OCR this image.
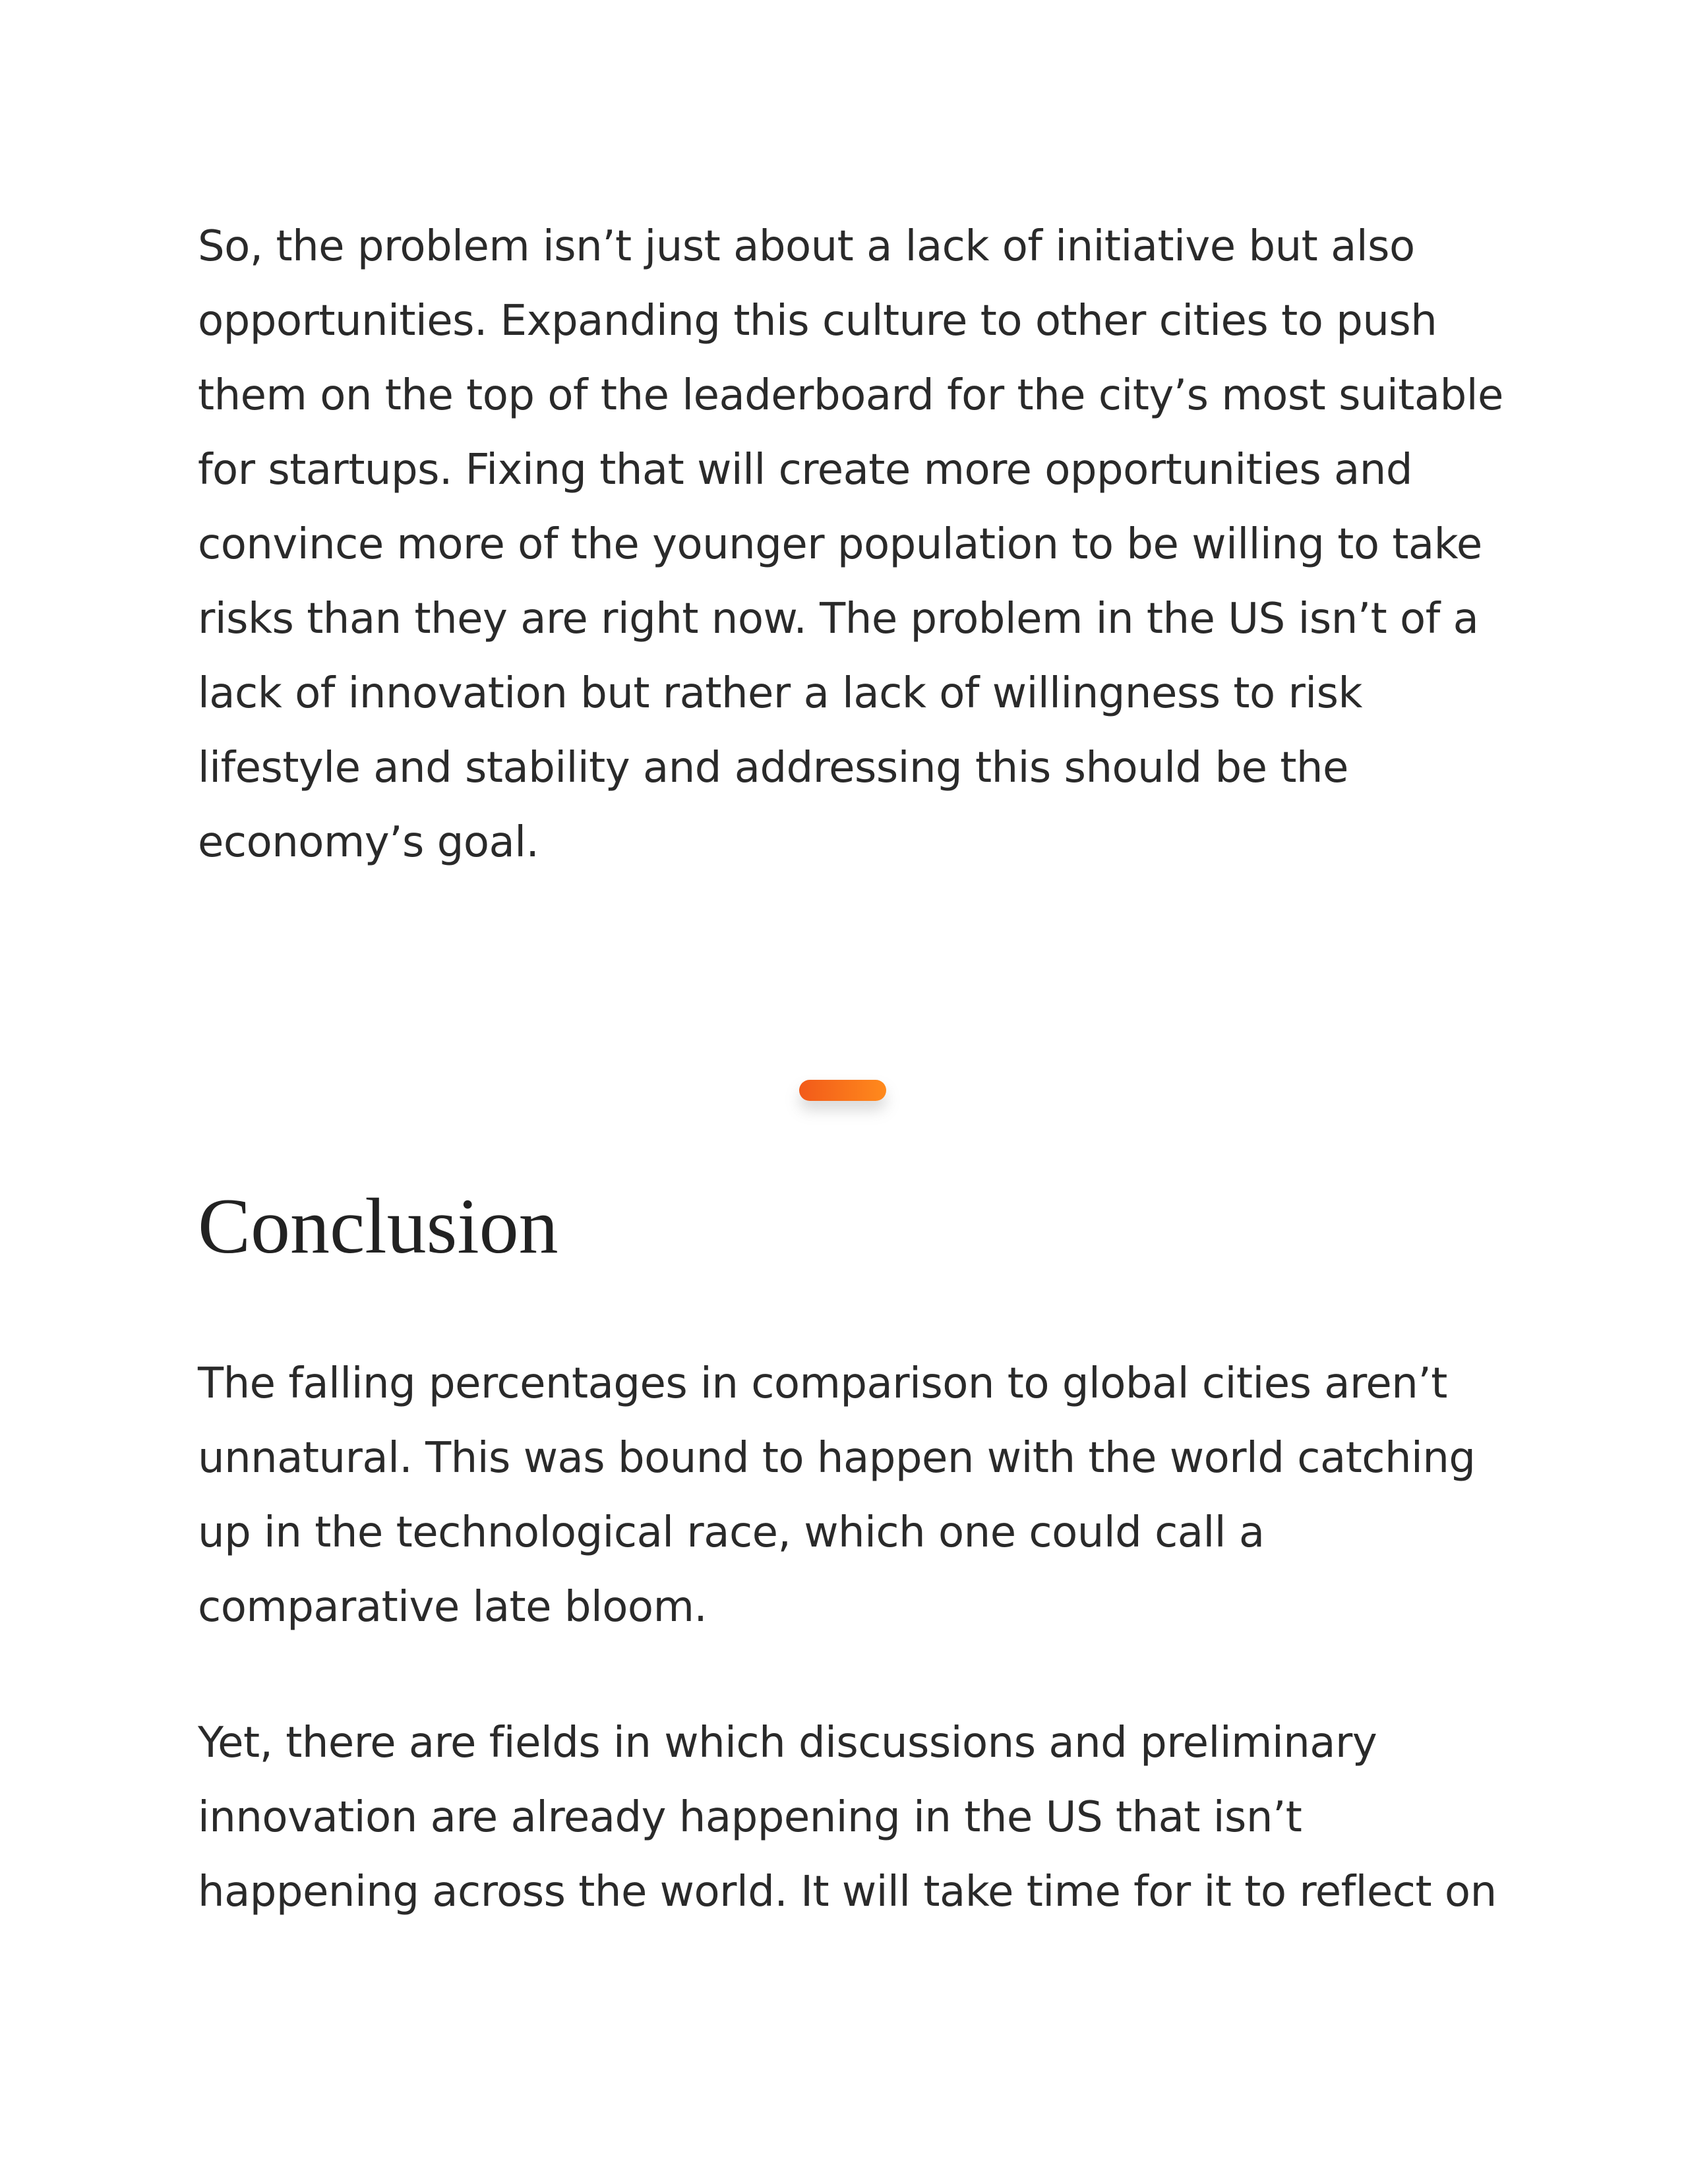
So, the problem isn’t just about a lack of initiative but also opportunities. Expanding this culture to other cities to push them on the top of the leaderboard for the city’s most suitable for startups. Fixing that will create more opportunities and convince more of the younger population to be willing to take risks than they are right now. The problem in the US isn’t of a lack of innovation but rather a lack of willingness to risk lifestyle and stability and addressing this should be the economy’s goal.

The falling percentages in comparison to global cities aren’t unnatural. This was bound to happen with the world catching up in the technological race, which one could call a comparative late bloom.

Yet, there are fields in which discussions and preliminary innovation are already happening in the US that isn’t happening across the world. It will take time for it to reflect on

Conclusion
